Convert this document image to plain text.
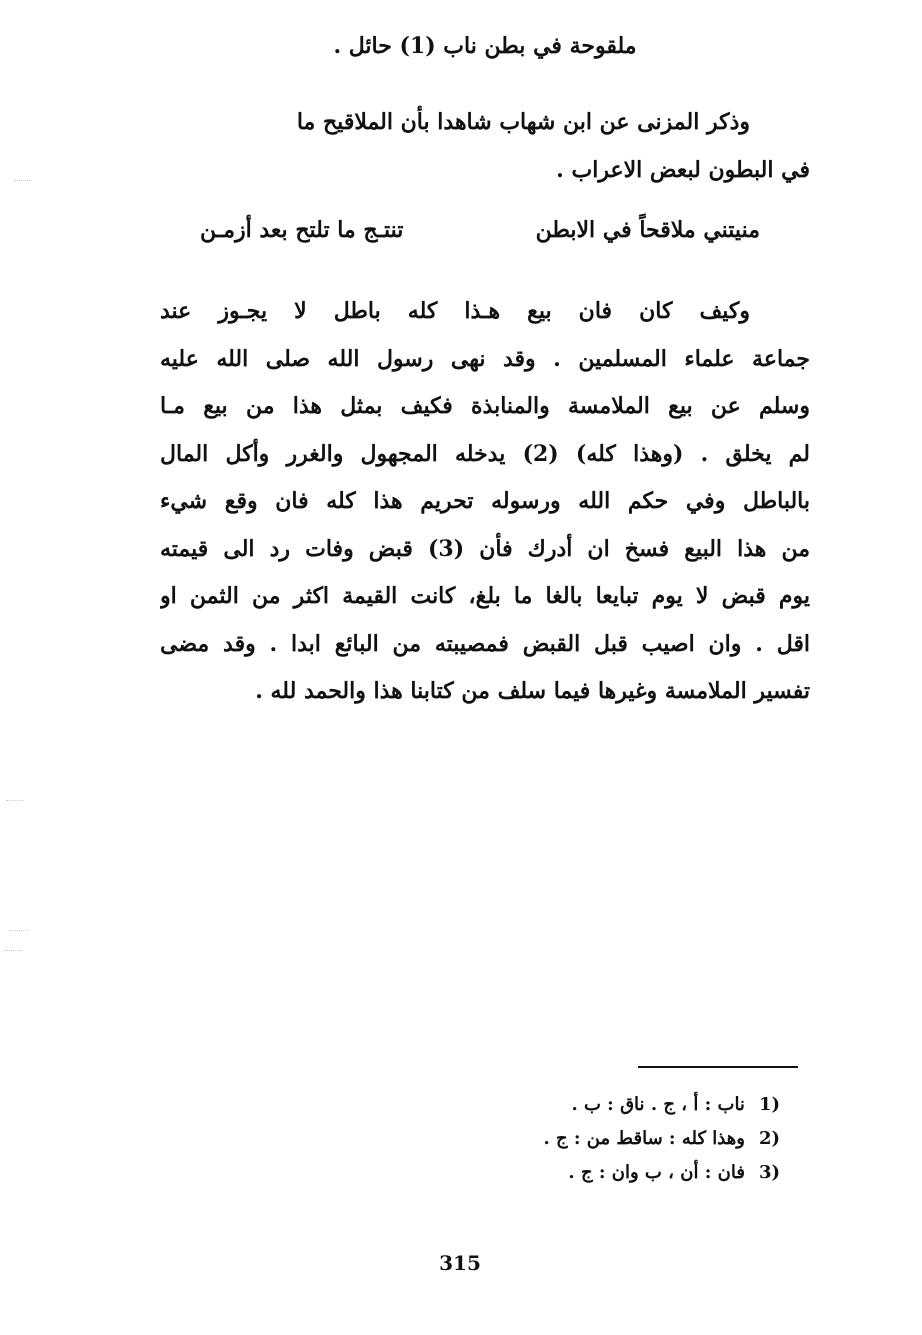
ملقوحة في بطن ناب (1) حائل .
وذكر المزنى عن ابن شهاب شاهدا بأن الملاقيح ما
في البطون لبعض الاعراب .
منيتني ملاقحاً في الابطن
تنتـج ما تلتح بعد أزمـن
وكيف كان فان بيع هـذا كله باطل لا يجـوز عند
جماعة علماء المسلمين . وقد نهى رسول الله صلى الله عليه
وسلم عن بيع الملامسة والمنابذة فكيف بمثل هذا من بيع مـا
لم يخلق . (وهذا كله) (2) يدخله المجهول والغرر وأكل المال
بالباطل وفي حكم الله ورسوله تحريم هذا كله فان وقع شيء
من هذا البيع فسخ ان أدرك فأن (3) قبض وفات رد الى قيمته
يوم قبض لا يوم تبايعا بالغا ما بلغ، كانت القيمة اكثر من الثمن او
اقل . وان اصيب قبل القبض فمصيبته من البائع ابدا . وقد مضى
تفسير الملامسة وغيرها فيما سلف من كتابنا هذا والحمد لله .
(1ناب : أ ، ج . ناق : ب .
(2وهذا كله : ساقط من : ج .
(3فان : أن ، ب وان : ج .
315
